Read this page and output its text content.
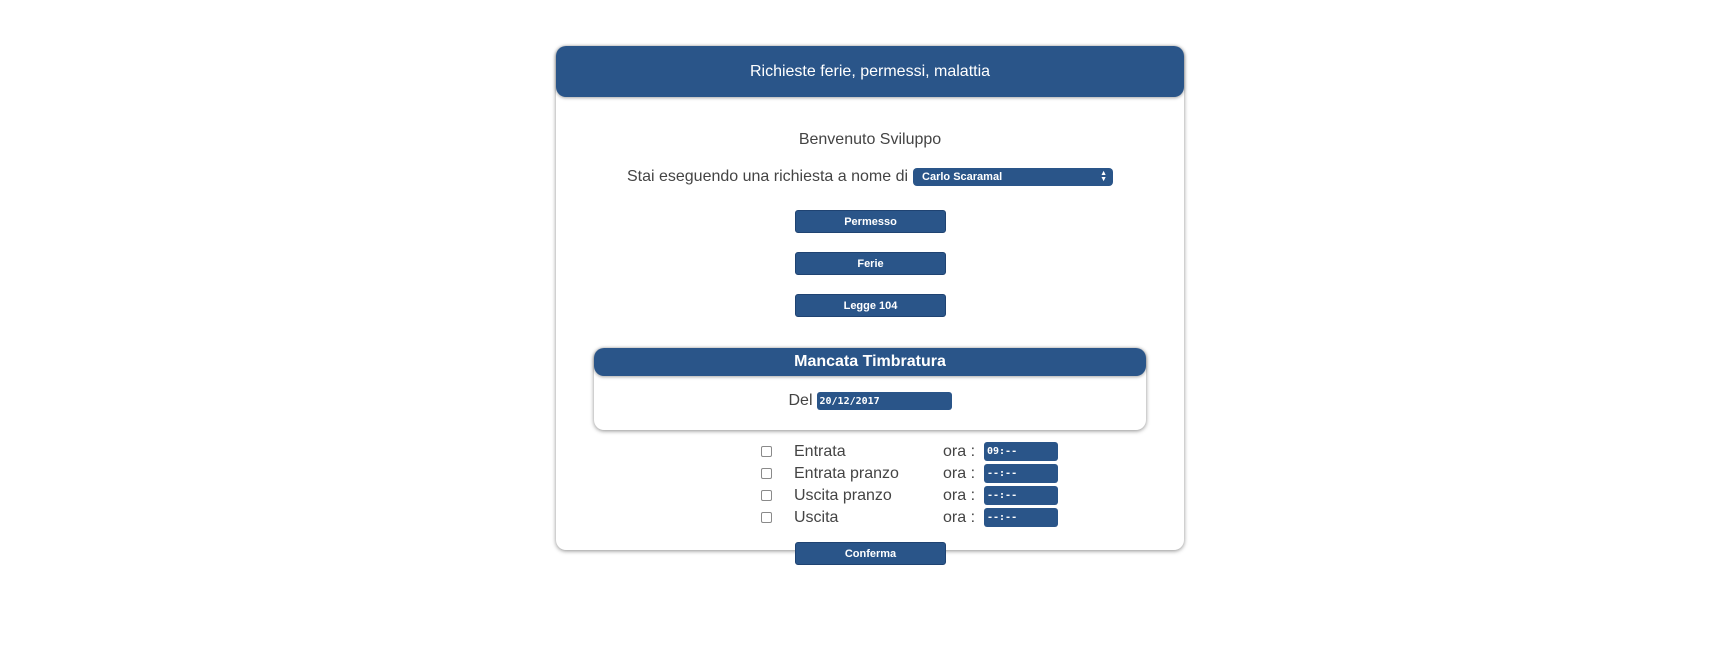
Richieste ferie, permessi, malattia
Benvenuto Sviluppo
Stai eseguendo una richiesta a nome di Carlo Scaramal	▲
▼
Permesso
Ferie
Legge 104
Mancata Timbratura
Del 20/12/2017
Entrata	ora :	09:--
Entrata pranzo	ora :	--:--
Uscita pranzo	ora :	--:--
Uscita	ora :	--:--
Conferma
